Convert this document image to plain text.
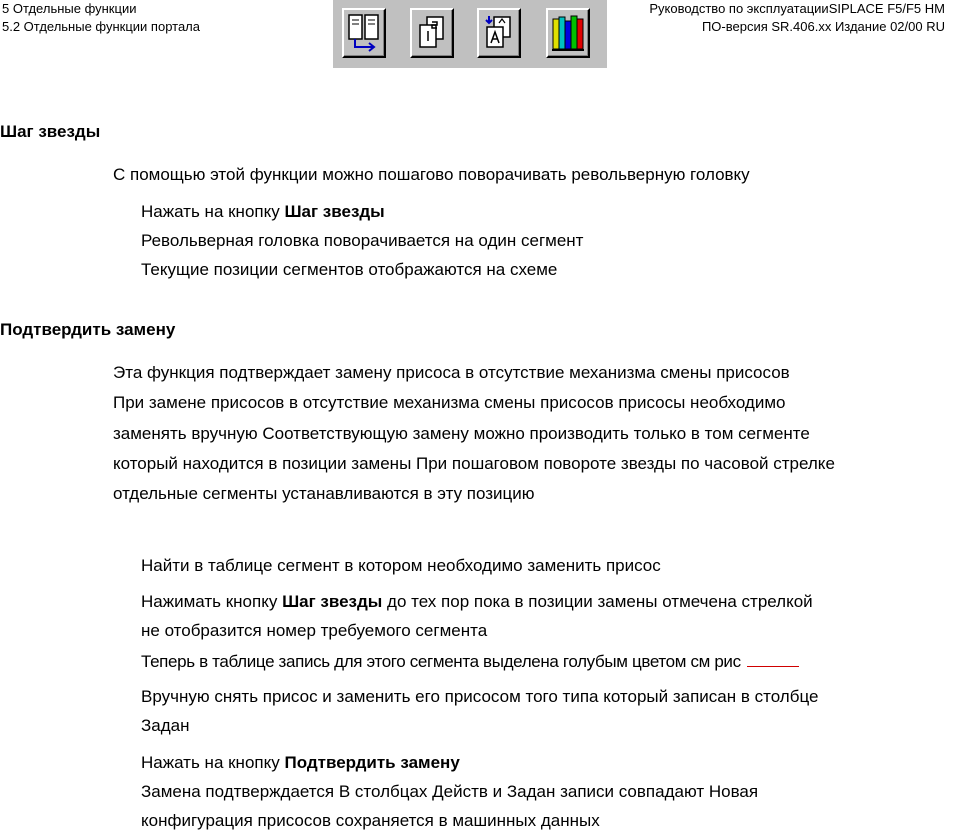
5 Отдельные функции
5.2 Отдельные функции портала
Руководство по эксплуатацииSIPLACE F5/F5 HM
ПО-версия SR.406.xx Издание 02/00 RU
Шаг звезды
С помощью этой функции можно пошагово поворачивать револьверную головку
Нажать на кнопку Шаг звезды
Револьверная головка поворачивается на один сегмент
Текущие позиции сегментов отображаются на схеме
Подтвердить замену
Эта функция подтверждает замену присоса в отсутствие механизма смены присосов
При замене присосов в отсутствие механизма смены присосов присосы необходимо
заменять вручную Соответствующую замену можно производить только в том сегменте
который находится в позиции замены При пошаговом повороте звезды по часовой стрелке
отдельные сегменты устанавливаются в эту позицию
Найти в таблице сегмент в котором необходимо заменить присос
Нажимать кнопку Шаг звезды до тех пор пока в позиции замены отмечена стрелкой
не отобразится номер требуемого сегмента
Теперь в таблице запись для этого сегмента выделена голубым цветом см рис
Вручную снять присос и заменить его присосом того типа который записан в столбце
Задан
Нажать на кнопку Подтвердить замену
Замена подтверждается В столбцах Действ и Задан записи совпадают Новая
конфигурация присосов сохраняется в машинных данных
